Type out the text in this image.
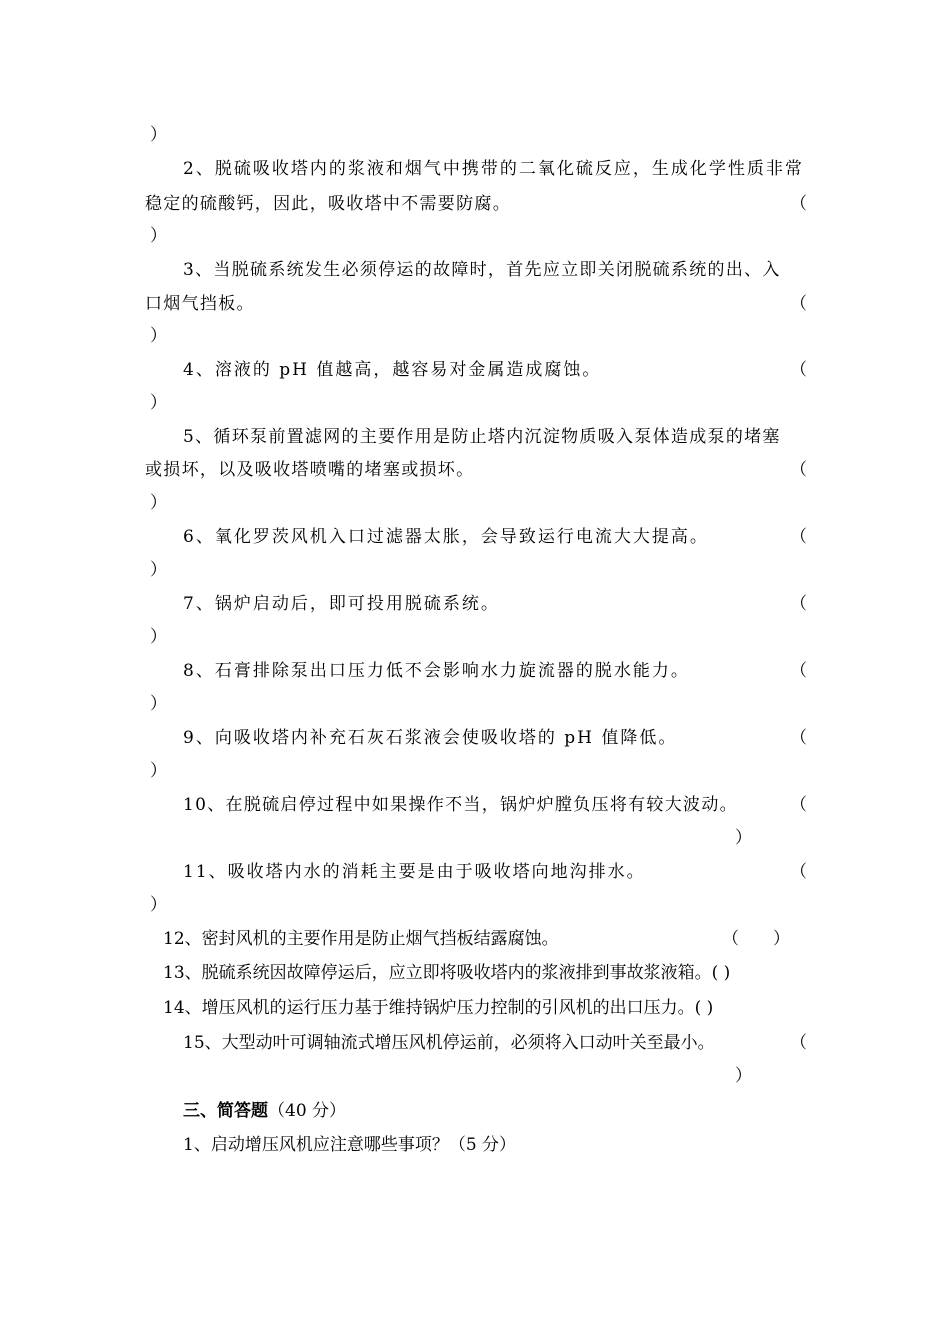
）
2、脱硫吸收塔内的浆液和烟气中携带的二氧化硫反应，生成化学性质非常
稳定的硫酸钙，因此，吸收塔中不需要防腐。	（
）
3、当脱硫系统发生必须停运的故障时，首先应立即关闭脱硫系统的出、入
口烟气挡板。	（
）
4、溶液的 pH 值越高，越容易对金属造成腐蚀。	（
）
5、循环泵前置滤网的主要作用是防止塔内沉淀物质吸入泵体造成泵的堵塞
或损坏，以及吸收塔喷嘴的堵塞或损坏。	（
）
6、氧化罗茨风机入口过滤器太胀，会导致运行电流大大提高。	（
）
7、锅炉启动后，即可投用脱硫系统。	（
）
8、石膏排除泵出口压力低不会影响水力旋流器的脱水能力。	（
）
9、向吸收塔内补充石灰石浆液会使吸收塔的 pH 值降低。	（
）
10、在脱硫启停过程中如果操作不当，锅炉炉膛负压将有较大波动。	（
）
11、吸收塔内水的消耗主要是由于吸收塔向地沟排水。	（
）
12、密封风机的主要作用是防止烟气挡板结露腐蚀。	（　　）
13、脱硫系统因故障停运后，应立即将吸收塔内的浆液排到事故浆液箱。( )
14、增压风机的运行压力基于维持锅炉压力控制的引风机的出口压力。( )
15、大型动叶可调轴流式增压风机停运前，必须将入口动叶关至最小。	（
）
三、简答题（40 分）
1、启动增压风机应注意哪些事项？（5 分）
